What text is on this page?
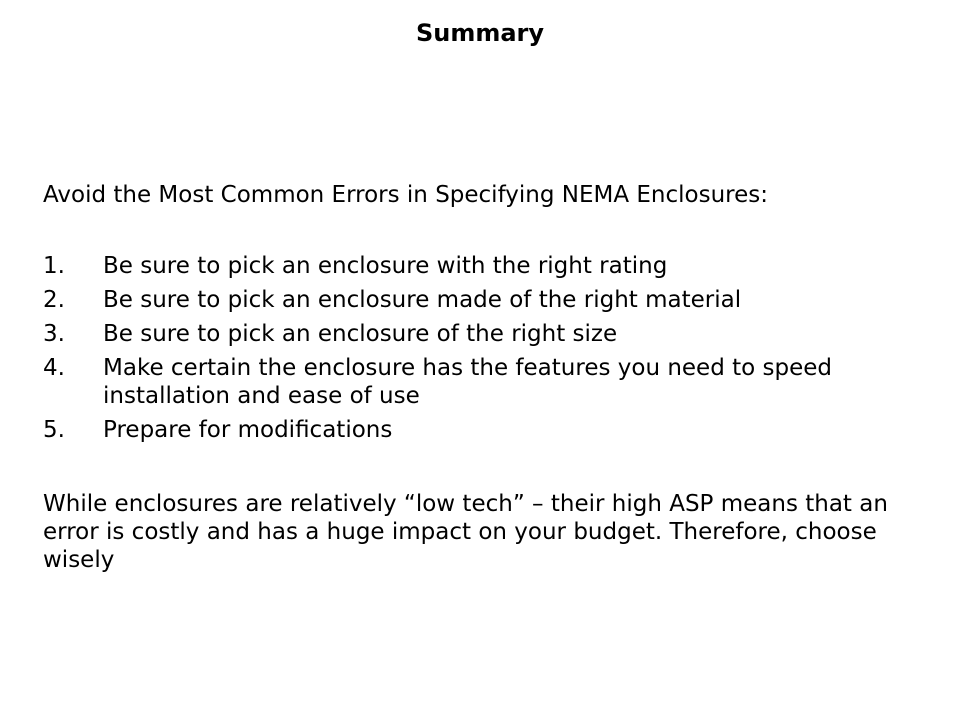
Summary
Avoid the Most Common Errors in Specifying NEMA Enclosures:
1.	Be sure to pick an enclosure with the right rating
2.	Be sure to pick an enclosure made of the right material
3.	Be sure to pick an enclosure of the right size
4.	Make certain the enclosure has the features you need to speed installation and ease of use
5.	Prepare for modifications
While enclosures are relatively “low tech” – their high ASP means that an error is costly and has a huge impact on your budget. Therefore, choose wisely
